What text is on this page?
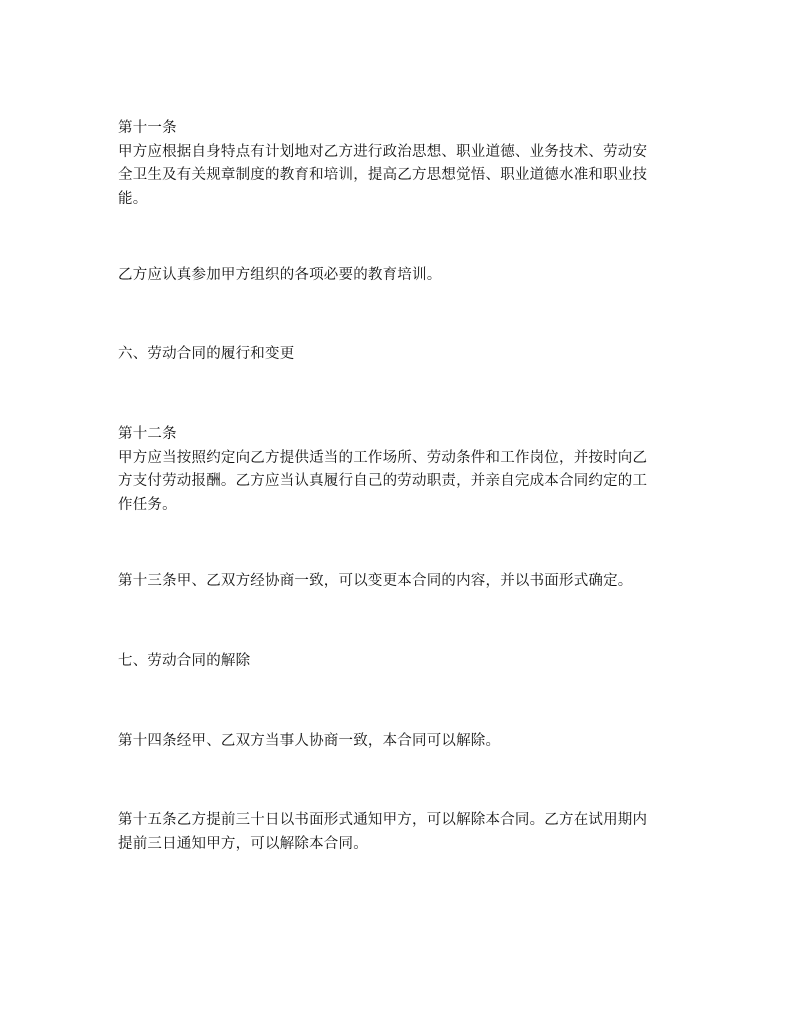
第十一条
甲方应根据自身特点有计划地对乙方进行政治思想、职业道德、业务技术、劳动安
全卫生及有关规章制度的教育和培训，提高乙方思想觉悟、职业道德水准和职业技
能。
乙方应认真参加甲方组织的各项必要的教育培训。
六、劳动合同的履行和变更
第十二条
甲方应当按照约定向乙方提供适当的工作场所、劳动条件和工作岗位，并按时向乙
方支付劳动报酬。乙方应当认真履行自己的劳动职责，并亲自完成本合同约定的工
作任务。
第十三条甲、乙双方经协商一致，可以变更本合同的内容，并以书面形式确定。
七、劳动合同的解除
第十四条经甲、乙双方当事人协商一致，本合同可以解除。
第十五条乙方提前三十日以书面形式通知甲方，可以解除本合同。乙方在试用期内
提前三日通知甲方，可以解除本合同。
